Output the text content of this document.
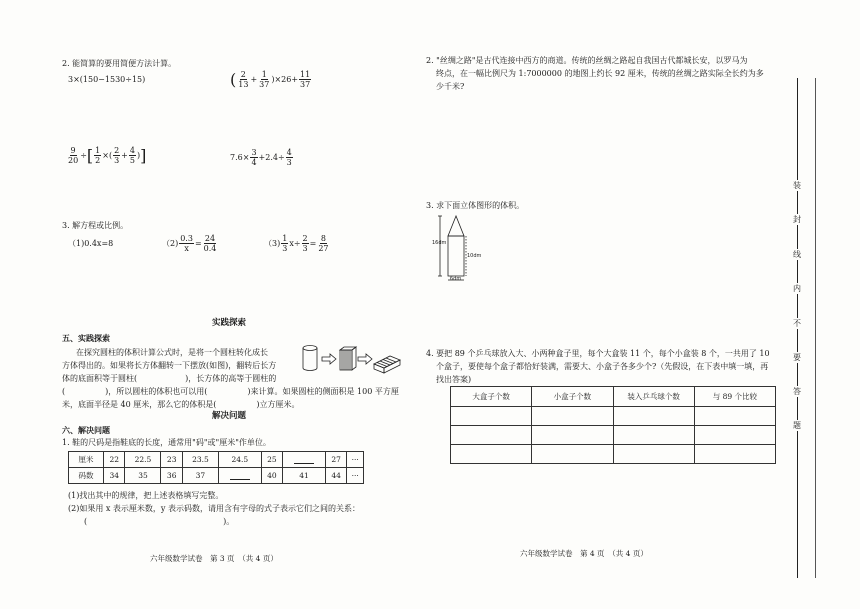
2. 能简算的要用简便方法计算。
3×(150−1530÷15)	( $\frac{2}{13} + \frac{1}{37} )\times 26+ \frac{11}{37}$
$\frac{9}{20}$ ÷ [ $\frac{1}{2}$ ×( $\frac{2}{3} + \frac{4}{5}$ ) ]	$7.6\times \frac{3}{4} +2.4\div \frac{4}{3}$
3. 解方程或比例。
（1)0.4x=8	$(2) \frac{0.3}{x} = \frac{24}{0.4}$	$(3) \frac{1}{3} x\div \frac{2}{3} = \frac{8}{27}$
实践探索
五、实践探索
在探究圆柱的体积计算公式时，是将一个圆柱转化成长
方体得出的。如果将长方体翻转一下摆放(如图)，翻转后长方
体的底面积等于圆柱(　　　　　　)，长方体的高等于圆柱的
(　　　　　)，所以圆柱的体积也可以用(　　　　　)来计算。如果圆柱的侧面积是 100 平方厘
米，底面半径是 40 厘米，那么它的体积是(　　　　　)立方厘米。
解决问题
六、解决问题
1. 鞋的尺码是指鞋底的长度，通常用"码"或"厘米"作单位。
厘米	22	22.5	23	23.5	24.5	25		27	···
码数	34	35	36	37		40	41	44	···
(1)找出其中的规律，把上述表格填写完整。
(2)如果用 x 表示厘米数，y 表示码数，请用含有字母的式子表示它们之间的关系：
(　　　　　　　　　　　　　　　　　)。
六年级数学试卷　第 3 页　（共 4 页）
2. "丝绸之路"是古代连接中西方的商道。传统的丝绸之路起自我国古代都城长安，以罗马为
终点，在一幅比例尺为 1:7000000 的地图上约长 92 厘米，传统的丝绸之路实际全长约为多
少千米?
3. 求下面立体图形的体积。
16dm
10dm
6dm
4. 要把 89 个乒乓球放入大、小两种盒子里，每个大盒装 11 个，每个小盒装 8 个，一共用了 10
个盒子，要使每个盒子都恰好装满，需要大、小盒子各多少个?（先假设，在下表中填一填，再
找出答案)
大盒子个数	小盒子个数	装入乒乓球个数	与 89 个比较

六年级数学试卷　第 4 页　（共 4 页）
装
封
线
内
不
要
答
题
